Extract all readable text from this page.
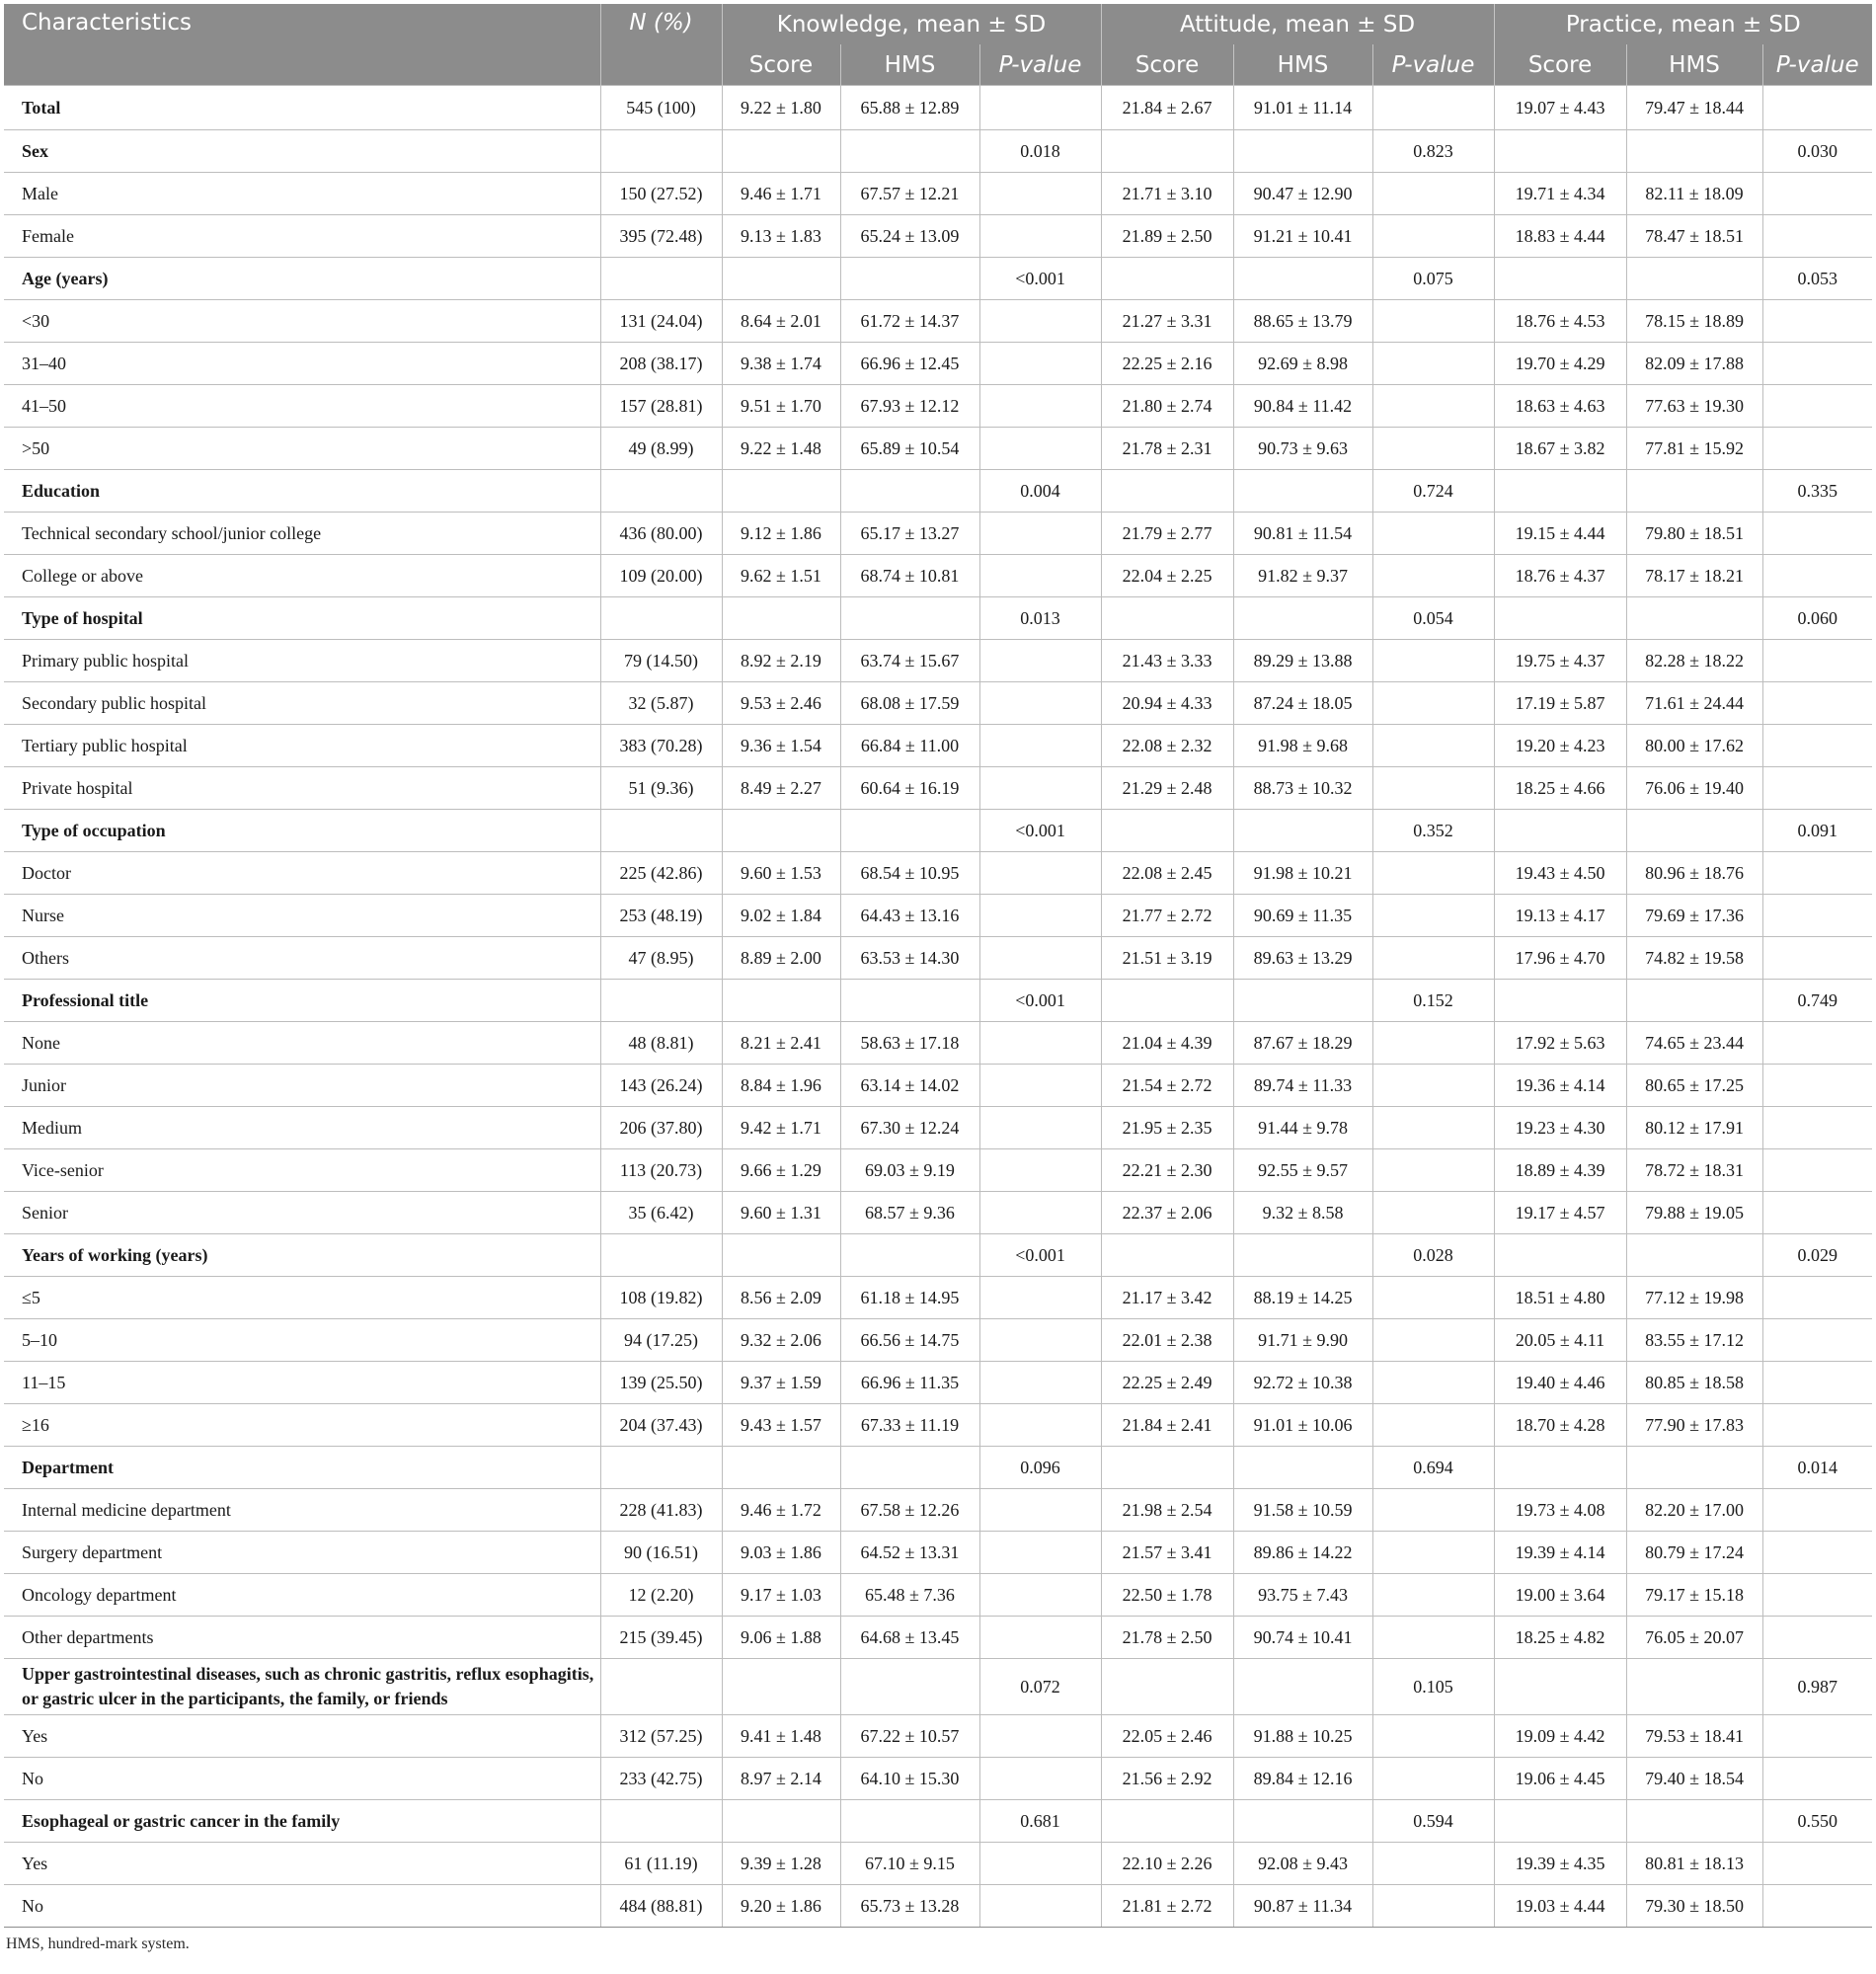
Characteristics	N (%)	Knowledge, mean ± SD			Attitude, mean ± SD			Practice, mean ± SD		
		Score	HMS	P-value	Score	HMS	P-value	Score	HMS	P-value
Total	545 (100)	9.22 ± 1.80	65.88 ± 12.89		21.84 ± 2.67	91.01 ± 11.14		19.07 ± 4.43	79.47 ± 18.44	
Sex				0.018			0.823			0.030
Male	150 (27.52)	9.46 ± 1.71	67.57 ± 12.21		21.71 ± 3.10	90.47 ± 12.90		19.71 ± 4.34	82.11 ± 18.09	
Female	395 (72.48)	9.13 ± 1.83	65.24 ± 13.09		21.89 ± 2.50	91.21 ± 10.41		18.83 ± 4.44	78.47 ± 18.51	
Age (years)				<0.001			0.075			0.053
<30	131 (24.04)	8.64 ± 2.01	61.72 ± 14.37		21.27 ± 3.31	88.65 ± 13.79		18.76 ± 4.53	78.15 ± 18.89	
31–40	208 (38.17)	9.38 ± 1.74	66.96 ± 12.45		22.25 ± 2.16	92.69 ± 8.98		19.70 ± 4.29	82.09 ± 17.88	
41–50	157 (28.81)	9.51 ± 1.70	67.93 ± 12.12		21.80 ± 2.74	90.84 ± 11.42		18.63 ± 4.63	77.63 ± 19.30	
>50	49 (8.99)	9.22 ± 1.48	65.89 ± 10.54		21.78 ± 2.31	90.73 ± 9.63		18.67 ± 3.82	77.81 ± 15.92	
Education				0.004			0.724			0.335
Technical secondary school/junior college	436 (80.00)	9.12 ± 1.86	65.17 ± 13.27		21.79 ± 2.77	90.81 ± 11.54		19.15 ± 4.44	79.80 ± 18.51	
College or above	109 (20.00)	9.62 ± 1.51	68.74 ± 10.81		22.04 ± 2.25	91.82 ± 9.37		18.76 ± 4.37	78.17 ± 18.21	
Type of hospital				0.013			0.054			0.060
Primary public hospital	79 (14.50)	8.92 ± 2.19	63.74 ± 15.67		21.43 ± 3.33	89.29 ± 13.88		19.75 ± 4.37	82.28 ± 18.22	
Secondary public hospital	32 (5.87)	9.53 ± 2.46	68.08 ± 17.59		20.94 ± 4.33	87.24 ± 18.05		17.19 ± 5.87	71.61 ± 24.44	
Tertiary public hospital	383 (70.28)	9.36 ± 1.54	66.84 ± 11.00		22.08 ± 2.32	91.98 ± 9.68		19.20 ± 4.23	80.00 ± 17.62	
Private hospital	51 (9.36)	8.49 ± 2.27	60.64 ± 16.19		21.29 ± 2.48	88.73 ± 10.32		18.25 ± 4.66	76.06 ± 19.40	
Type of occupation				<0.001			0.352			0.091
Doctor	225 (42.86)	9.60 ± 1.53	68.54 ± 10.95		22.08 ± 2.45	91.98 ± 10.21		19.43 ± 4.50	80.96 ± 18.76	
Nurse	253 (48.19)	9.02 ± 1.84	64.43 ± 13.16		21.77 ± 2.72	90.69 ± 11.35		19.13 ± 4.17	79.69 ± 17.36	
Others	47 (8.95)	8.89 ± 2.00	63.53 ± 14.30		21.51 ± 3.19	89.63 ± 13.29		17.96 ± 4.70	74.82 ± 19.58	
Professional title				<0.001			0.152			0.749
None	48 (8.81)	8.21 ± 2.41	58.63 ± 17.18		21.04 ± 4.39	87.67 ± 18.29		17.92 ± 5.63	74.65 ± 23.44	
Junior	143 (26.24)	8.84 ± 1.96	63.14 ± 14.02		21.54 ± 2.72	89.74 ± 11.33		19.36 ± 4.14	80.65 ± 17.25	
Medium	206 (37.80)	9.42 ± 1.71	67.30 ± 12.24		21.95 ± 2.35	91.44 ± 9.78		19.23 ± 4.30	80.12 ± 17.91	
Vice-senior	113 (20.73)	9.66 ± 1.29	69.03 ± 9.19		22.21 ± 2.30	92.55 ± 9.57		18.89 ± 4.39	78.72 ± 18.31	
Senior	35 (6.42)	9.60 ± 1.31	68.57 ± 9.36		22.37 ± 2.06	9.32 ± 8.58		19.17 ± 4.57	79.88 ± 19.05	
Years of working (years)				<0.001			0.028			0.029
≤5	108 (19.82)	8.56 ± 2.09	61.18 ± 14.95		21.17 ± 3.42	88.19 ± 14.25		18.51 ± 4.80	77.12 ± 19.98	
5–10	94 (17.25)	9.32 ± 2.06	66.56 ± 14.75		22.01 ± 2.38	91.71 ± 9.90		20.05 ± 4.11	83.55 ± 17.12	
11–15	139 (25.50)	9.37 ± 1.59	66.96 ± 11.35		22.25 ± 2.49	92.72 ± 10.38		19.40 ± 4.46	80.85 ± 18.58	
≥16	204 (37.43)	9.43 ± 1.57	67.33 ± 11.19		21.84 ± 2.41	91.01 ± 10.06		18.70 ± 4.28	77.90 ± 17.83	
Department				0.096			0.694			0.014
Internal medicine department	228 (41.83)	9.46 ± 1.72	67.58 ± 12.26		21.98 ± 2.54	91.58 ± 10.59		19.73 ± 4.08	82.20 ± 17.00	
Surgery department	90 (16.51)	9.03 ± 1.86	64.52 ± 13.31		21.57 ± 3.41	89.86 ± 14.22		19.39 ± 4.14	80.79 ± 17.24	
Oncology department	12 (2.20)	9.17 ± 1.03	65.48 ± 7.36		22.50 ± 1.78	93.75 ± 7.43		19.00 ± 3.64	79.17 ± 15.18	
Other departments	215 (39.45)	9.06 ± 1.88	64.68 ± 13.45		21.78 ± 2.50	90.74 ± 10.41		18.25 ± 4.82	76.05 ± 20.07	
Upper gastrointestinal diseases, such as chronic gastritis, reflux esophagitis, or gastric ulcer in the participants, the family, or friends				0.072			0.105			0.987
Yes	312 (57.25)	9.41 ± 1.48	67.22 ± 10.57		22.05 ± 2.46	91.88 ± 10.25		19.09 ± 4.42	79.53 ± 18.41	
No	233 (42.75)	8.97 ± 2.14	64.10 ± 15.30		21.56 ± 2.92	89.84 ± 12.16		19.06 ± 4.45	79.40 ± 18.54	
Esophageal or gastric cancer in the family				0.681			0.594			0.550
Yes	61 (11.19)	9.39 ± 1.28	67.10 ± 9.15		22.10 ± 2.26	92.08 ± 9.43		19.39 ± 4.35	80.81 ± 18.13	
No	484 (88.81)	9.20 ± 1.86	65.73 ± 13.28		21.81 ± 2.72	90.87 ± 11.34		19.03 ± 4.44	79.30 ± 18.50	
HMS, hundred-mark system.
